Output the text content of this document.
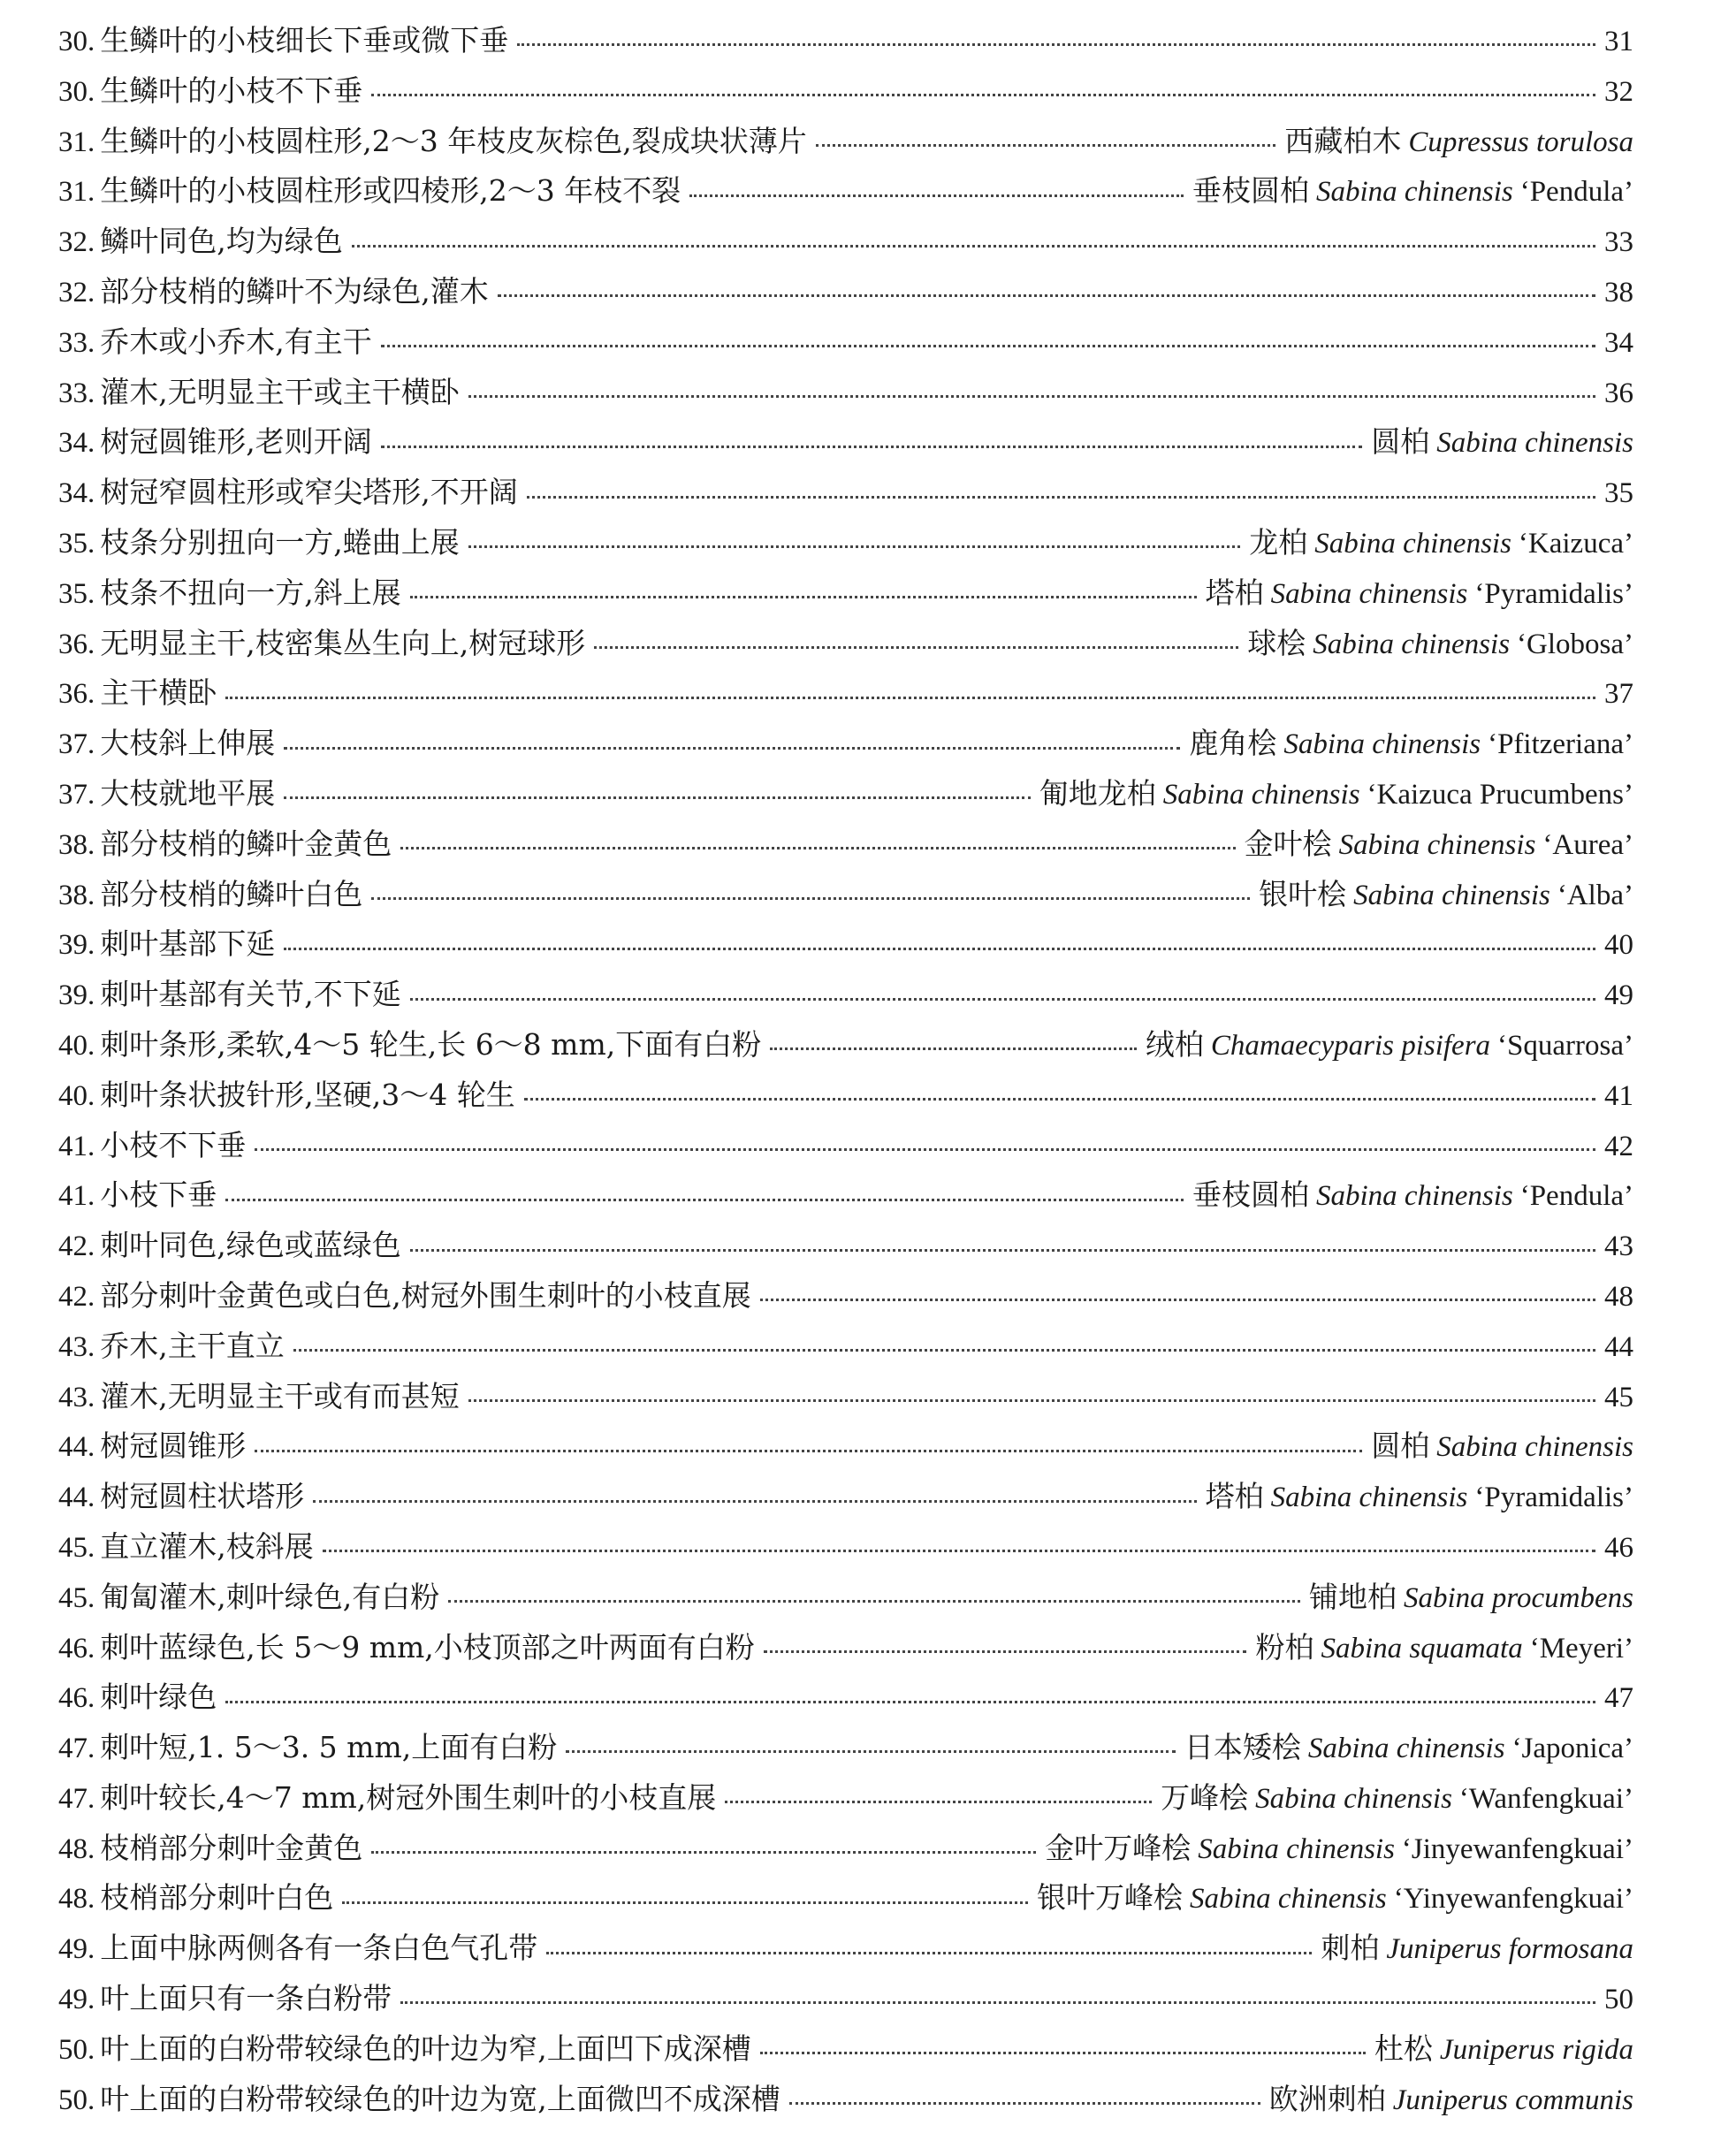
30. 生鳞叶的小枝细长下垂或微下垂	31
30. 生鳞叶的小枝不下垂	32
31. 生鳞叶的小枝圆柱形,2～3 年枝皮灰棕色,裂成块状薄片	西藏柏木 Cupressus torulosa
31. 生鳞叶的小枝圆柱形或四棱形,2～3 年枝不裂	垂枝圆柏 Sabina chinensis ‘Pendula’
32. 鳞叶同色,均为绿色	33
32. 部分枝梢的鳞叶不为绿色,灌木	38
33. 乔木或小乔木,有主干	34
33. 灌木,无明显主干或主干横卧	36
34. 树冠圆锥形,老则开阔	圆柏 Sabina chinensis
34. 树冠窄圆柱形或窄尖塔形,不开阔	35
35. 枝条分别扭向一方,蜷曲上展	龙柏 Sabina chinensis ‘Kaizuca’
35. 枝条不扭向一方,斜上展	塔柏 Sabina chinensis ‘Pyramidalis’
36. 无明显主干,枝密集丛生向上,树冠球形	球桧 Sabina chinensis ‘Globosa’
36. 主干横卧	37
37. 大枝斜上伸展	鹿角桧 Sabina chinensis ‘Pfitzeriana’
37. 大枝就地平展	匍地龙柏 Sabina chinensis ‘Kaizuca Prucumbens’
38. 部分枝梢的鳞叶金黄色	金叶桧 Sabina chinensis ‘Aurea’
38. 部分枝梢的鳞叶白色	银叶桧 Sabina chinensis ‘Alba’
39. 刺叶基部下延	40
39. 刺叶基部有关节,不下延	49
40. 刺叶条形,柔软,4～5 轮生,长 6～8 mm,下面有白粉	绒柏 Chamaecyparis pisifera ‘Squarrosa’
40. 刺叶条状披针形,坚硬,3～4 轮生	41
41. 小枝不下垂	42
41. 小枝下垂	垂枝圆柏 Sabina chinensis ‘Pendula’
42. 刺叶同色,绿色或蓝绿色	43
42. 部分刺叶金黄色或白色,树冠外围生刺叶的小枝直展	48
43. 乔木,主干直立	44
43. 灌木,无明显主干或有而甚短	45
44. 树冠圆锥形	圆柏 Sabina chinensis
44. 树冠圆柱状塔形	塔柏 Sabina chinensis ‘Pyramidalis’
45. 直立灌木,枝斜展	46
45. 匍匐灌木,刺叶绿色,有白粉	铺地柏 Sabina procumbens
46. 刺叶蓝绿色,长 5～9 mm,小枝顶部之叶两面有白粉	粉柏 Sabina squamata ‘Meyeri’
46. 刺叶绿色	47
47. 刺叶短,1. 5～3. 5 mm,上面有白粉	日本矮桧 Sabina chinensis ‘Japonica’
47. 刺叶较长,4～7 mm,树冠外围生刺叶的小枝直展	万峰桧 Sabina chinensis ‘Wanfengkuai’
48. 枝梢部分刺叶金黄色	金叶万峰桧 Sabina chinensis ‘Jinyewanfengkuai’
48. 枝梢部分刺叶白色	银叶万峰桧 Sabina chinensis ‘Yinyewanfengkuai’
49. 上面中脉两侧各有一条白色气孔带	刺柏 Juniperus formosana
49. 叶上面只有一条白粉带	50
50. 叶上面的白粉带较绿色的叶边为窄,上面凹下成深槽	杜松 Juniperus rigida
50. 叶上面的白粉带较绿色的叶边为宽,上面微凹不成深槽	欧洲刺柏 Juniperus communis
